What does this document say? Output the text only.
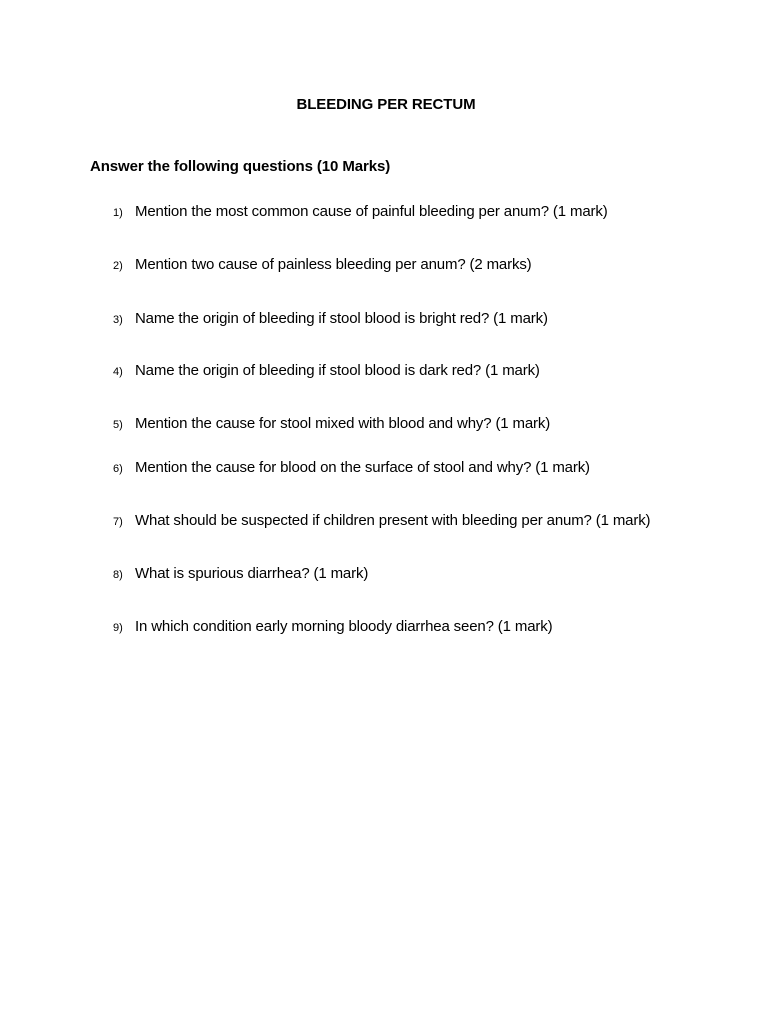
BLEEDING PER RECTUM
Answer the following questions (10 Marks)
1) Mention the most common cause of painful bleeding per anum? (1 mark)
2) Mention two cause of painless bleeding per anum? (2 marks)
3) Name the origin of bleeding if stool blood is bright red? (1 mark)
4) Name the origin of bleeding if stool blood is dark red? (1 mark)
5) Mention the cause for stool mixed with blood and why? (1 mark)
6) Mention the cause for blood on the surface of stool and why? (1 mark)
7) What should be suspected if children present with bleeding per anum? (1 mark)
8) What is spurious diarrhea? (1 mark)
9) In which condition early morning bloody diarrhea seen? (1 mark)
